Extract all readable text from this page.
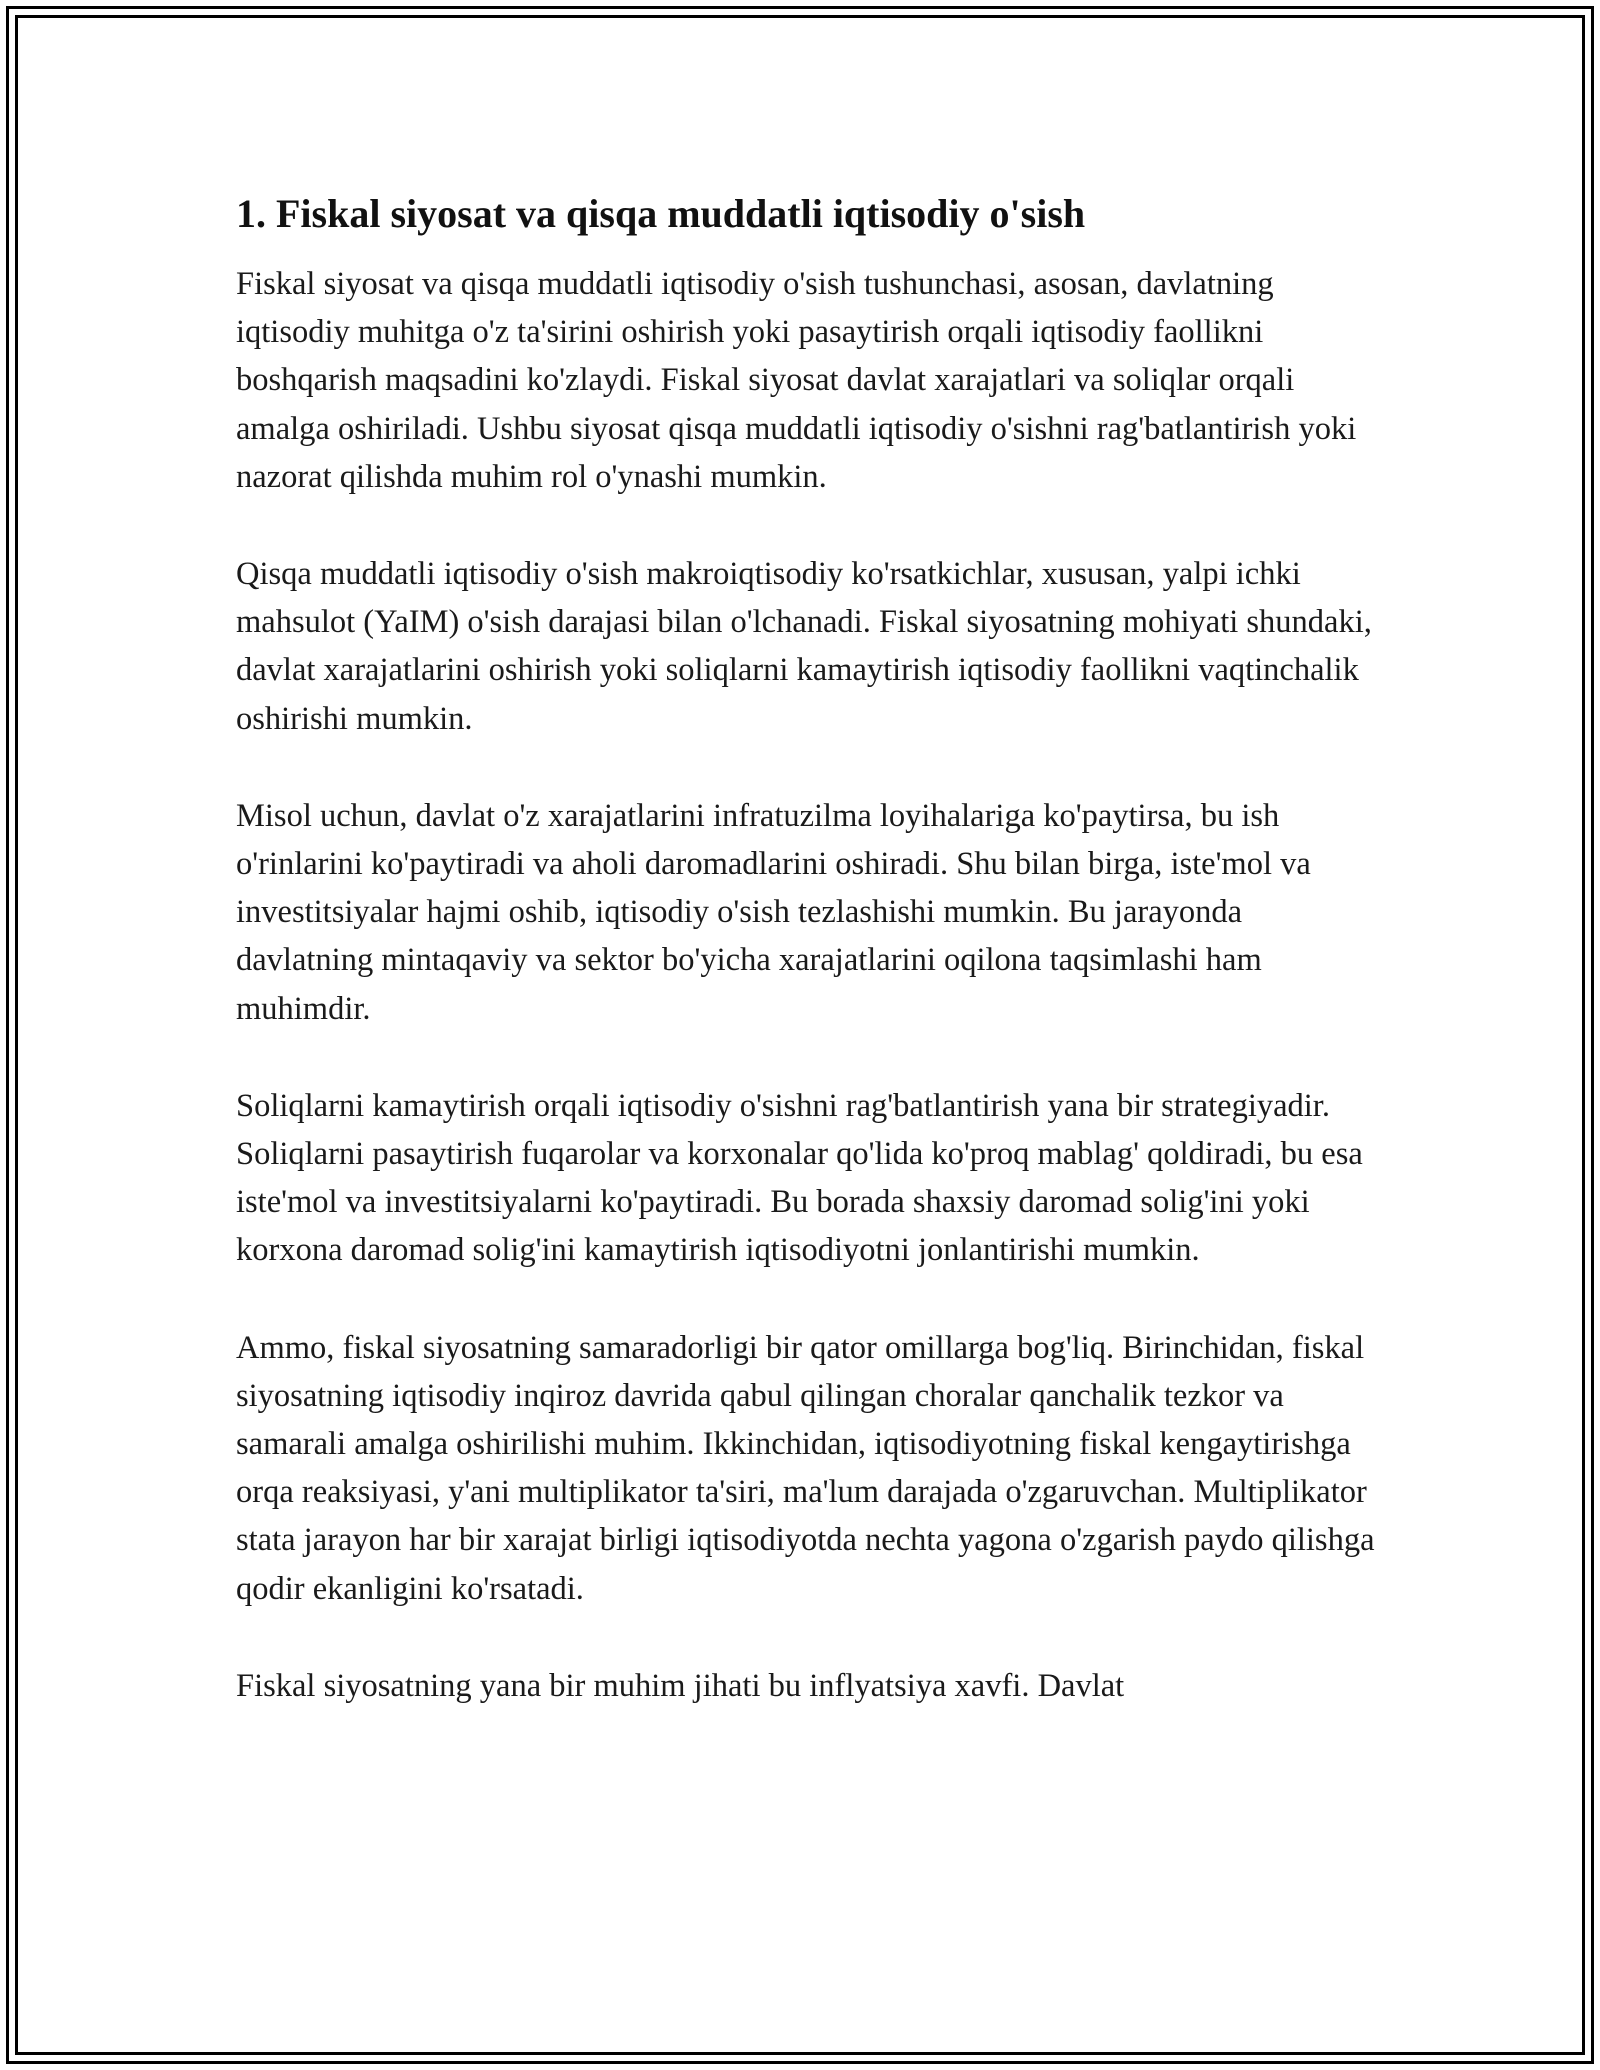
1. Fiskal siyosat va qisqa muddatli iqtisodiy o'sish

Fiskal siyosat va qisqa muddatli iqtisodiy o'sish tushunchasi, asosan, davlatning iqtisodiy muhitga o'z ta'sirini oshirish yoki pasaytirish orqali iqtisodiy faollikni boshqarish maqsadini ko'zlaydi. Fiskal siyosat davlat xarajatlari va soliqlar orqali amalga oshiriladi. Ushbu siyosat qisqa muddatli iqtisodiy o'sishni rag'batlantirish yoki nazorat qilishda muhim rol o'ynashi mumkin.

Qisqa muddatli iqtisodiy o'sish makroiqtisodiy ko'rsatkichlar, xususan, yalpi ichki mahsulot (YaIM) o'sish darajasi bilan o'lchanadi. Fiskal siyosatning mohiyati shundaki, davlat xarajatlarini oshirish yoki soliqlarni kamaytirish iqtisodiy faollikni vaqtinchalik oshirishi mumkin.

Misol uchun, davlat o'z xarajatlarini infratuzilma loyihalariga ko'paytirsa, bu ish o'rinlarini ko'paytiradi va aholi daromadlarini oshiradi. Shu bilan birga, iste'mol va investitsiyalar hajmi oshib, iqtisodiy o'sish tezlashishi mumkin. Bu jarayonda davlatning mintaqaviy va sektor bo'yicha xarajatlarini oqilona taqsimlashi ham muhimdir.

Soliqlarni kamaytirish orqali iqtisodiy o'sishni rag'batlantirish yana bir strategiyadir. Soliqlarni pasaytirish fuqarolar va korxonalar qo'lida ko'proq mablag' qoldiradi, bu esa iste'mol va investitsiyalarni ko'paytiradi. Bu borada shaxsiy daromad solig'ini yoki korxona daromad solig'ini kamaytirish iqtisodiyotni jonlantirishi mumkin.

Ammo, fiskal siyosatning samaradorligi bir qator omillarga bog'liq. Birinchidan, fiskal siyosatning iqtisodiy inqiroz davrida qabul qilingan choralar qanchalik tezkor va samarali amalga oshirilishi muhim. Ikkinchidan, iqtisodiyotning fiskal kengaytirishga orqa reaksiyasi, y'ani multiplikator ta'siri, ma'lum darajada o'zgaruvchan. Multiplikator stata jarayon har bir xarajat birligi iqtisodiyotda nechta yagona o'zgarish paydo qilishga qodir ekanligini ko'rsatadi.

Fiskal siyosatning yana bir muhim jihati bu inflyatsiya xavfi. Davlat
